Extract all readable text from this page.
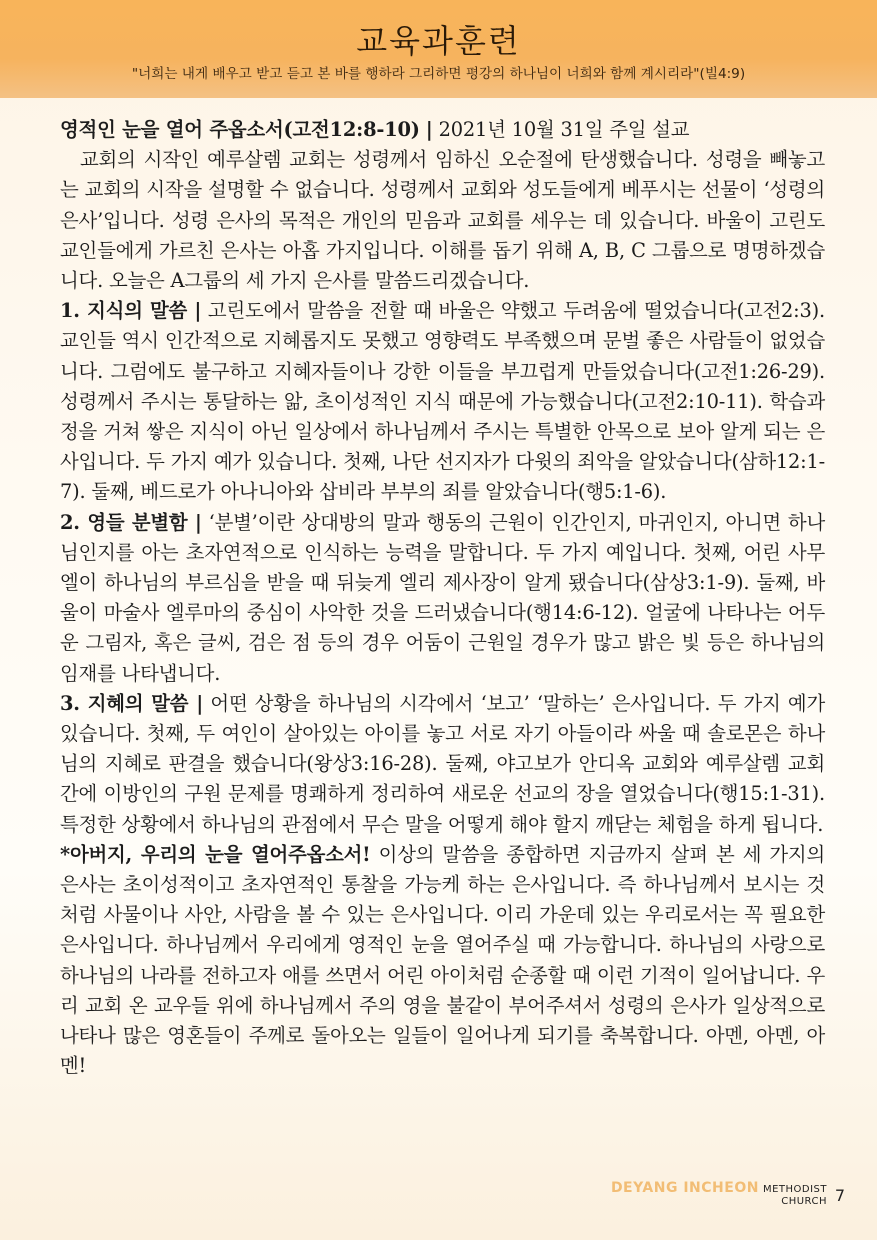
교육과훈련
"너희는 내게 배우고 받고 듣고 본 바를 행하라 그리하면 평강의 하나님이 너희와 함께 계시리라"(빌4:9)

영적인 눈을 열어 주옵소서(고전12:8-10) | 2021년 10월 31일 주일 설교

교회의 시작인 예루살렘 교회는 성령께서 임하신 오순절에 탄생했습니다. 성령을 빼놓고는 교회의 시작을 설명할 수 없습니다. 성령께서 교회와 성도들에게 베푸시는 선물이 ‘성령의 은사’입니다. 성령 은사의 목적은 개인의 믿음과 교회를 세우는 데 있습니다. 바울이 고린도 교인들에게 가르친 은사는 아홉 가지입니다. 이해를 돕기 위해 A, B, C 그룹으로 명명하겠습니다. 오늘은 A그룹의 세 가지 은사를 말씀드리겠습니다.

1. 지식의 말씀 | 고린도에서 말씀을 전할 때 바울은 약했고 두려움에 떨었습니다(고전2:3). 교인들 역시 인간적으로 지혜롭지도 못했고 영향력도 부족했으며 문벌 좋은 사람들이 없었습니다. 그럼에도 불구하고 지혜자들이나 강한 이들을 부끄럽게 만들었습니다(고전1:26-29). 성령께서 주시는 통달하는 앎, 초이성적인 지식 때문에 가능했습니다(고전2:10-11). 학습과정을 거쳐 쌓은 지식이 아닌 일상에서 하나님께서 주시는 특별한 안목으로 보아 알게 되는 은사입니다. 두 가지 예가 있습니다. 첫째, 나단 선지자가 다윗의 죄악을 알았습니다(삼하12:1-7). 둘째, 베드로가 아나니아와 삽비라 부부의 죄를 알았습니다(행5:1-6).

2. 영들 분별함 | ‘분별’이란 상대방의 말과 행동의 근원이 인간인지, 마귀인지, 아니면 하나님인지를 아는 초자연적으로 인식하는 능력을 말합니다. 두 가지 예입니다. 첫째, 어린 사무엘이 하나님의 부르심을 받을 때 뒤늦게 엘리 제사장이 알게 됐습니다(삼상3:1-9). 둘째, 바울이 마술사 엘루마의 중심이 사악한 것을 드러냈습니다(행14:6-12). 얼굴에 나타나는 어두운 그림자, 혹은 글씨, 검은 점 등의 경우 어둠이 근원일 경우가 많고 밝은 빛 등은 하나님의 임재를 나타냅니다.

3. 지혜의 말씀 | 어떤 상황을 하나님의 시각에서 ‘보고’ ‘말하는’ 은사입니다. 두 가지 예가 있습니다. 첫째, 두 여인이 살아있는 아이를 놓고 서로 자기 아들이라 싸울 때 솔로몬은 하나님의 지혜로 판결을 했습니다(왕상3:16-28). 둘째, 야고보가 안디옥 교회와 예루살렘 교회 간에 이방인의 구원 문제를 명쾌하게 정리하여 새로운 선교의 장을 열었습니다(행15:1-31). 특정한 상황에서 하나님의 관점에서 무슨 말을 어떻게 해야 할지 깨닫는 체험을 하게 됩니다.

*아버지, 우리의 눈을 열어주옵소서! 이상의 말씀을 종합하면 지금까지 살펴 본 세 가지의 은사는 초이성적이고 초자연적인 통찰을 가능케 하는 은사입니다. 즉 하나님께서 보시는 것처럼 사물이나 사안, 사람을 볼 수 있는 은사입니다. 이리 가운데 있는 우리로서는 꼭 필요한 은사입니다. 하나님께서 우리에게 영적인 눈을 열어주실 때 가능합니다. 하나님의 사랑으로 하나님의 나라를 전하고자 애를 쓰면서 어린 아이처럼 순종할 때 이런 기적이 일어납니다. 우리 교회 온 교우들 위에 하나님께서 주의 영을 불같이 부어주셔서 성령의 은사가 일상적으로 나타나 많은 영혼들이 주께로 돌아오는 일들이 일어나게 되기를 축복합니다. 아멘, 아멘, 아멘!

DEYANG INCHEON METHODIST CHURCH 7
